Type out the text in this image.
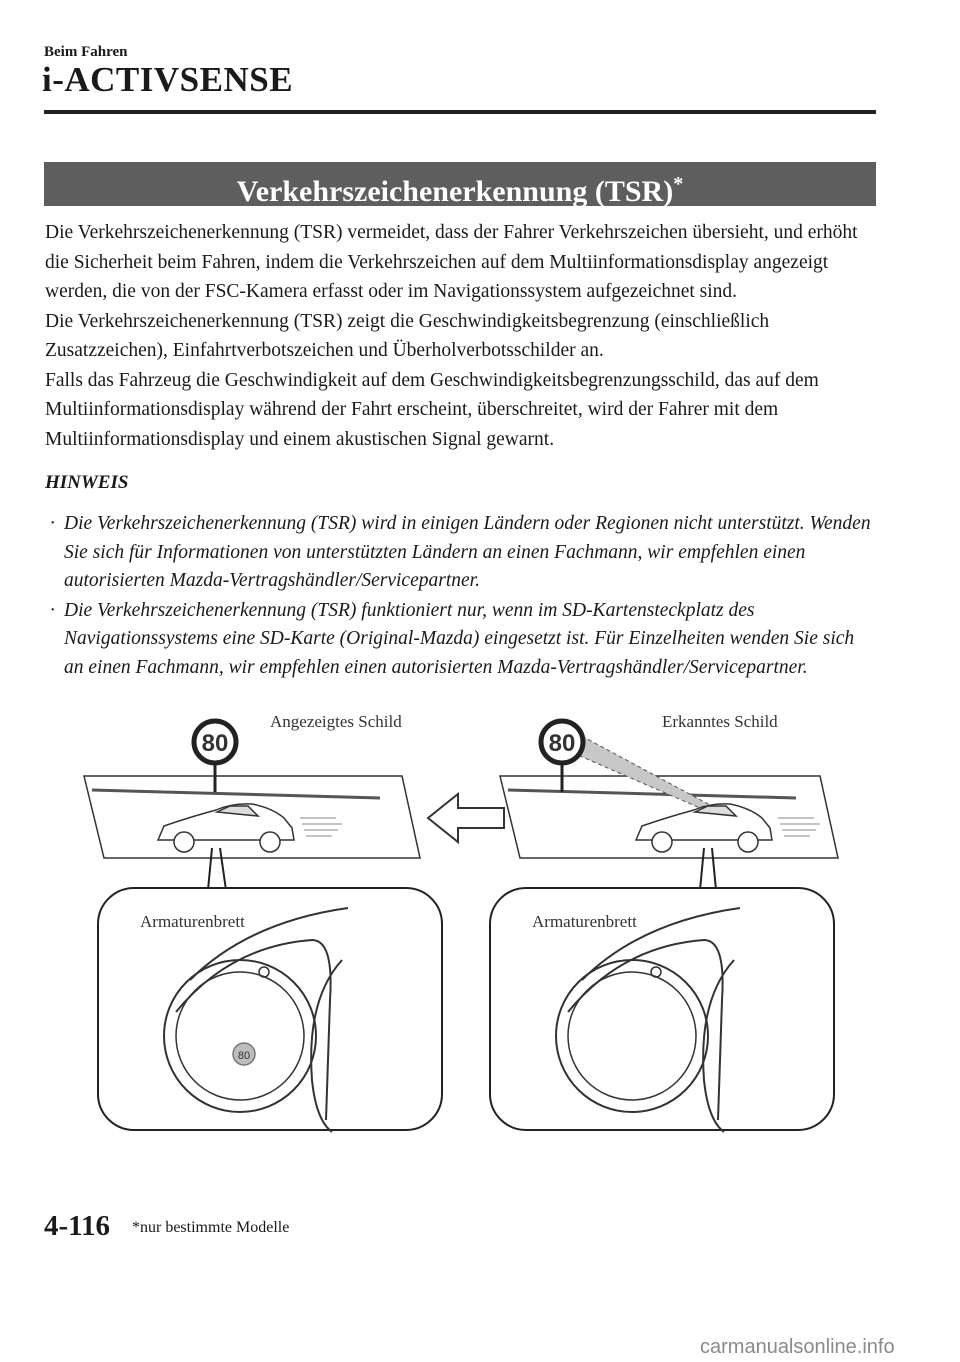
Beim Fahren
i-ACTIVSENSE
Verkehrszeichenerkennung (TSR)*

Die Verkehrszeichenerkennung (TSR) vermeidet, dass der Fahrer Verkehrszeichen übersieht, und erhöht die Sicherheit beim Fahren, indem die Verkehrszeichen auf dem Multiinformationsdisplay angezeigt werden, die von der FSC-Kamera erfasst oder im Navigationssystem aufgezeichnet sind.

Die Verkehrszeichenerkennung (TSR) zeigt die Geschwindigkeitsbegrenzung (einschließlich Zusatzzeichen), Einfahrtverbotszeichen und Überholverbotsschilder an.

Falls das Fahrzeug die Geschwindigkeit auf dem Geschwindigkeitsbegrenzungsschild, das auf dem Multiinformationsdisplay während der Fahrt erscheint, überschreitet, wird der Fahrer mit dem Multiinformationsdisplay und einem akustischen Signal gewarnt.

HINWEIS
· Die Verkehrszeichenerkennung (TSR) wird in einigen Ländern oder Regionen nicht unterstützt. Wenden Sie sich für Informationen von unterstützten Ländern an einen Fachmann, wir empfehlen einen autorisierten Mazda-Vertragshändler/Servicepartner.
· Die Verkehrszeichenerkennung (TSR) funktioniert nur, wenn im SD-Kartensteckplatz des Navigationssystems eine SD-Karte (Original-Mazda) eingesetzt ist. Für Einzelheiten wenden Sie sich an einen Fachmann, wir empfehlen einen autorisierten Mazda-Vertragshändler/Servicepartner.
80
Armaturenbrett
80
80
Armaturenbrett
Angezeigtes Schild	Erkanntes Schild
4-116 *nur bestimmte Modelle
carmanualsonline.info
